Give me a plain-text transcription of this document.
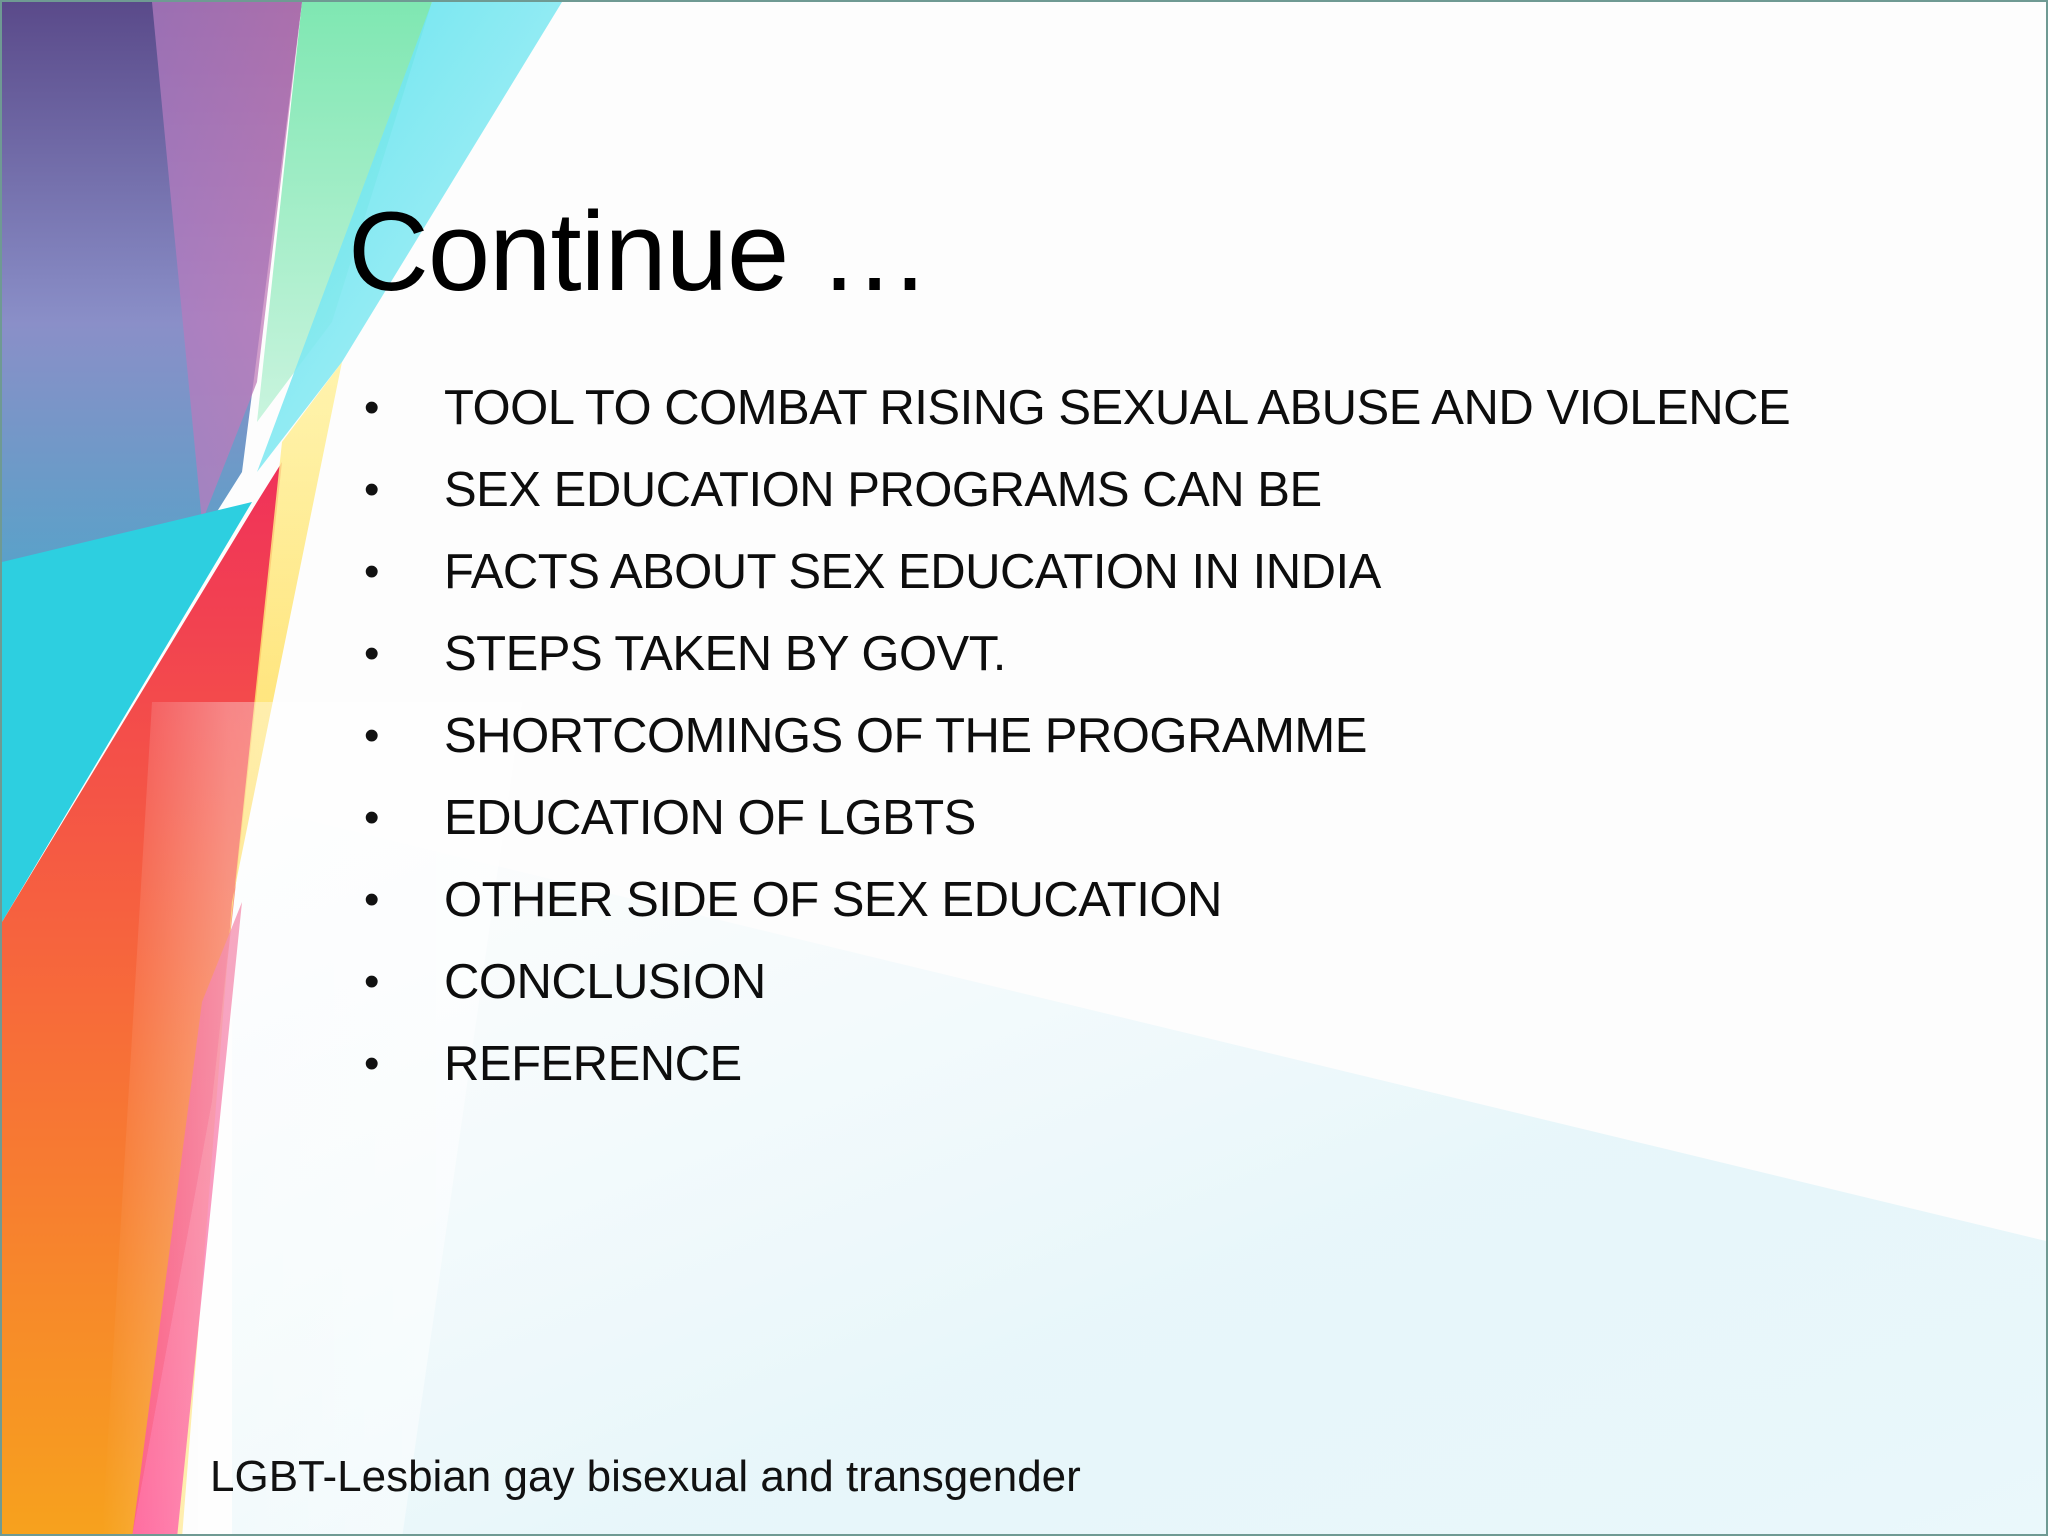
Continue …
•	TOOL TO COMBAT RISING SEXUAL ABUSE AND VIOLENCE
•	SEX EDUCATION PROGRAMS CAN BE
•	FACTS ABOUT SEX EDUCATION IN INDIA
•	STEPS TAKEN BY GOVT.
•	SHORTCOMINGS OF THE PROGRAMME
•	EDUCATION OF LGBTS
•	OTHER SIDE OF SEX EDUCATION
•	CONCLUSION
•	REFERENCE
LGBT-Lesbian gay bisexual and transgender
